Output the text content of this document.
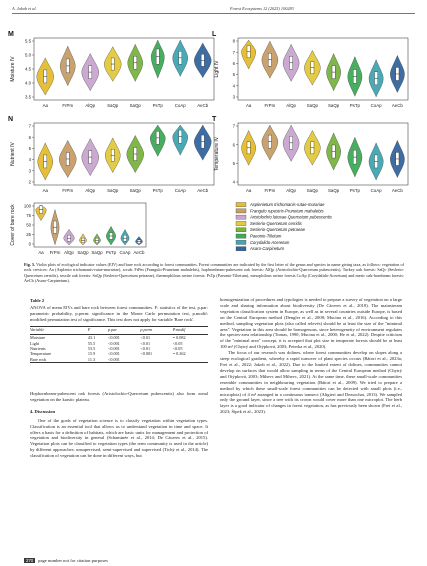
A. Jakob et al.	Forest Ecosystems 12 (2025) 100283
M
Moisture IV
5.5
5.0
4.5
4.0
3.5
Aa	FrPm	AlQp	SaQp	SaQp	PsTp	CoAp	AeCb
L
Light IV
8
7
6
5
4
3
Aa	FrPm	AlQp SaQp SaQp PsTp CoAp AeCb
N
Nutrient IV
7
6
5
4
3
2
Aa	FrPm	AlQp	SaQp	SaQp	PsTp	CoAp	AeCb
T
Temperature IV
7
6
5
4
Aa	FrPm	AlQp SaQp SaQp PsTp CoAp AeCb
Cover of bare rock 100
75
50
25
0
Aa FrPm AlQp SaQp SaQp PsTp CoAp AeCb
Asplenietum trichomanis-rutae-murariae
Frangulo rupestris-Prunetum mahalebis
Aristolochio lutosae-Quercetum pubescentis
Seslerio-Quercetum cerridis
Seslerio-Quercetum petraeae
Paeonio-Tilietum
Corydalido-Aceretum
Asaro-Carpinetum
Fig. 5. Violin plots of ecological indicator values (EIV) and bare rock according to forest communities. Forest communities are indicated by the first letter of the genus and species in name giving taxa, as follows: vegetation of rock crevices: Aa (Asplenio trichomanis-rutae-murariae), scrub: FrPm (Frangulo-Prunetum mahalebis), hophornbeam-pubescent oak forests: AlQp (Aristolochio-Quercetum pubescentis), Turkey oak forests: SaQc (Seslerio-Quercetum cerridis), sessile oak forests: SaQp (Seslerio-Quercetum petraeae), thermophilous ravine forests: PsTp (Paeonio-Tilietum), mesophilous ravine forests CoAp (Corydalido-Aceretum) and mesic oak-hornbeam forests: AeCb (Asaro-Carpinetum).
Table 2
ANOVA of mean EIVs and bare rock between forest communities. F: statistics of the test, p.par: parametric probability, p.perm: significance in the Monte Carlo permutation test, p.modif: modified permutation test of significance. This test does not apply for variable 'Bare rock'.
Variable	F	p.par	p.perm	P.modif
Moisture	43.1	<0.001	<0.01	= 0.082
Light	55.5	<0.001	<0.01	<0.05
Nutrients	53.5	<0.001	<0.01	<0.05
Temperature	15.9	<0.001	<0.001	= 0.262
Bare rock	11.3	<0.001		

Hophornbeam-pubescent oak forests (Aristolochio-Quercetum pubescentis) also form zonal vegetation on the karstic plateau.

4. Discussion

One of the goals of vegetation science is to classify vegetation within vegetation types. Classification is an essential tool that allows us to understand vegetation in time and space. It offers a basis for a definition of habitats, which are basic units for management and protection of vegetation and biodiversity in general (Schaminée et al., 2014; De Cáceres et al., 2015). Vegetation plots can be classified to vegetation types (the term community is used in the article) by different approaches: unsupervised, semi-supervised and supervised (Tichý et al., 2014). The classification of vegetation can be done in different ways, but

homogenization of procedures and typologies is needed to prepare a survey of vegetation on a large scale and sharing information about biodiversity (De Cáceres et al., 2018). The mainstream vegetation classification system in Europe, as well as in several countries outside Europe, is based on the Central European method (Dengler et al., 2008; Mucina et al., 2016). According to this method, sampling vegetation plots (also called relevés) should be at least the size of the "minimal area". Vegetation in this area should be homogenous, since heterogeneity of environment regulates the species-area relationship (Tomas, 1990; Mucina et al., 2000; He et al., 2022). Despite criticism of the "minimal area" concept, it is accepted that plot size in temperate forests should be at least 100 m² (Chytrý and Otýpková, 2003; Peterka et al., 2020).

The focus of our research was dolines, where forest communities develop on slopes along a steep ecological gradient, whereby a rapid turnover of plant species occurs (Bátori et al., 2023a; Frei et al., 2022; Jakob et al., 2022). Due to the limited extent of dolines, communities cannot develop on surfaces that would allow sampling in terms of the Central European method (Chytrý and Otýpková, 2003; Mihevc and Mihevc, 2021). At the same time, these small-scale communities resemble communities in neighbouring vegetation (Bátori et al., 2009). We tried to prepare a method by which these small-scale forest communities can be detected with small plots (i.e., microplots) of 4 m² arranged in a continuous transect (Aligieri and Dezsochat, 2013). We sampled only the ground layer, since a tree with its crown would cover more than one microplot. The herb layer is a good indicator of changes in forest vegetation, as has previously been shown (Frei et al., 2023; Šipek et al., 2023).

270	page number not for citation purposes
